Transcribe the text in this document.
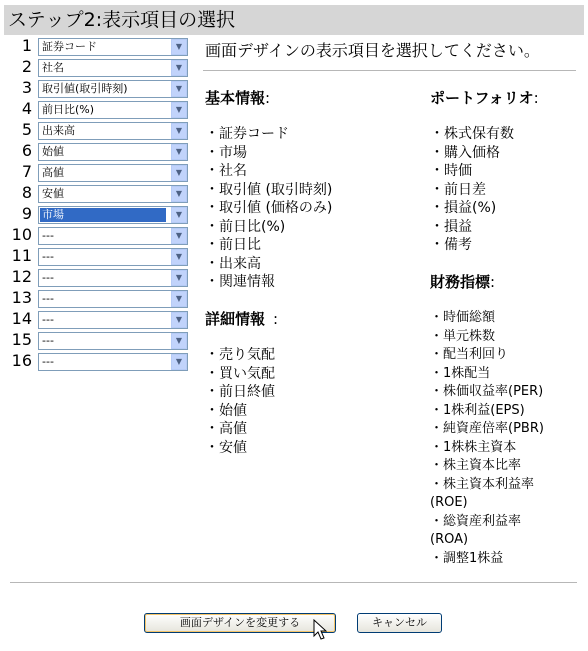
ステップ2:表示項目の選択
1 証券コード	▼
2 社名	▼
3 取引値(取引時刻)	▼
4 前日比(%)	▼
5 出来高	▼
6 始値	▼
7 高値	▼
8 安値	▼
9 市場	▼
10 ---	▼
11 ---	▼
12 ---	▼
13 ---	▼
14 ---	▼
15 ---	▼
16 ---	▼
画面デザインの表示項目を選択してください。
基本情報:
・証券コード
・市場
・社名
・取引値 (取引時刻)
・取引値 (価格のみ)
・前日比(%)
・前日比
・出来高
・関連情報
詳細情報 :
・売り気配
・買い気配
・前日終値
・始値
・高値
・安値
ポートフォリオ:
・株式保有数
・購入価格
・時価
・前日差
・損益(%)
・損益
・備考
財務指標:
・時価総額
・単元株数
・配当利回り
・1株配当
・株価収益率(PER)
・1株利益(EPS)
・純資産倍率(PBR)
・1株株主資本
・株主資本比率
・株主資本利益率
(ROE)
・総資産利益率
(ROA)
・調整1株益
画面デザインを変更する	キャンセル
